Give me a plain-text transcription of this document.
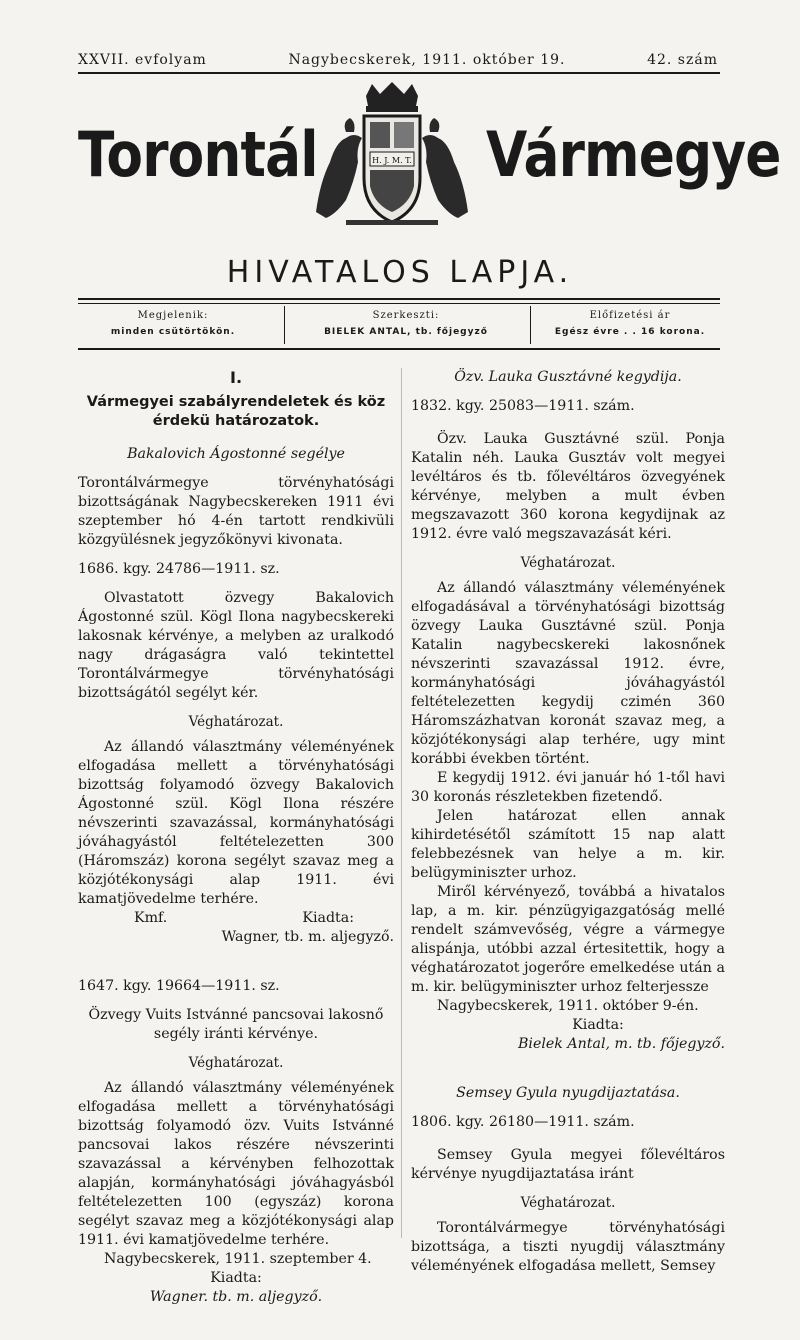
XXVII. evfolyam	Nagybecskerek, 1911. október 19.	42. szám
Torontál	H. J. M. T. Vármegye
HIVATALOS LAPJA.
Megjelenik:
minden csütörtökön.
Szerkeszti:
BIELEK ANTAL, tb. főjegyző
Előfizetési ár
Egész évre . . 16 korona.

I.

Vármegyei szabályrendeletek és köz érdekü határozatok.

Bakalovich Ágostonné segélye

Torontálvármegye törvényhatósági bizottságának Nagybecskereken 1911 évi szeptember hó 4-én tartott rendkivüli közgyülésnek jegyzőkönyvi kivonata.

1686. kgy. 24786—1911. sz.

Olvastatott özvegy Bakalovich Ágostonné szül. Kögl Ilona nagybecskereki lakosnak kérvénye, a melyben az uralkodó nagy drágaságra való tekintettel Torontálvármegye törvényhatósági bizottságától segélyt kér.

Véghatározat.

Az állandó választmány véleményének elfogadása mellett a törvényhatósági bizottság folyamodó özvegy Bakalovich Ágostonné szül. Kögl Ilona részére névszerinti szavazással, kormányhatósági jóváhagyástól feltételezetten 300 (Háromszáz) korona segélyt szavaz meg a közjótékonysági alap 1911. évi kamatjövedelme terhére.

Kmf.	Kiadta:

Wagner, tb. m. aljegyző.

1647. kgy. 19664—1911. sz.

Özvegy Vuits Istvánné pancsovai lakosnő segély iránti kérvénye.

Véghatározat.

Az állandó választmány véleményének elfogadása mellett a törvényhatósági bizottság folyamodó özv. Vuits Istvánné pancsovai lakos részére névszerinti szavazással a kérvényben felhozottak alapján, kormányhatósági jóváhagyásból feltételezetten 100 (egyszáz) korona segélyt szavaz meg a közjótékonysági alap 1911. évi kamatjövedelme terhére.

Nagybecskerek, 1911. szeptember 4.

Kiadta:

Wagner. tb. m. aljegyző.

Özv. Lauka Gusztávné kegydija.

1832. kgy. 25083—1911. szám.

Özv. Lauka Gusztávné szül. Ponja Katalin néh. Lauka Gusztáv volt megyei levéltáros és tb. főlevéltáros özvegyének kérvénye, melyben a mult évben megszavazott 360 korona kegydijnak az 1912. évre való megszavazását kéri.

Véghatározat.

Az állandó választmány véleményének elfogadásával a törvényhatósági bizottság özvegy Lauka Gusztávné szül. Ponja Katalin nagybecskereki lakosnőnek névszerinti szavazással 1912. évre, kormányhatósági jóváhagyástól feltételezetten kegydij czimén 360 Háromszázhatvan koronát szavaz meg, a közjótékonysági alap terhére, ugy mint korábbi években történt.

E kegydij 1912. évi január hó 1-től havi 30 koronás részletekben fizetendő.

Jelen határozat ellen annak kihirdetésétől számított 15 nap alatt felebbezésnek van helye a m. kir. belügyminiszter urhoz.

Miről kérvényező, továbbá a hivatalos lap, a m. kir. pénzügyigazgatóság mellé rendelt számvevőség, végre a vármegye alispánja, utóbbi azzal értesitettik, hogy a véghatározatot jogerőre emelkedése után a m. kir. belügyminiszter urhoz felterjessze

Nagybecskerek, 1911. október 9-én.

Kiadta:

Bielek Antal, m. tb. főjegyző.

Semsey Gyula nyugdijaztatása.

1806. kgy. 26180—1911. szám.

Semsey Gyula megyei főlevéltáros kérvénye nyugdijaztatása iránt

Véghatározat.

Torontálvármegye törvényhatósági bizottsága, a tiszti nyugdij választmány véleményének elfogadása mellett, Semsey
